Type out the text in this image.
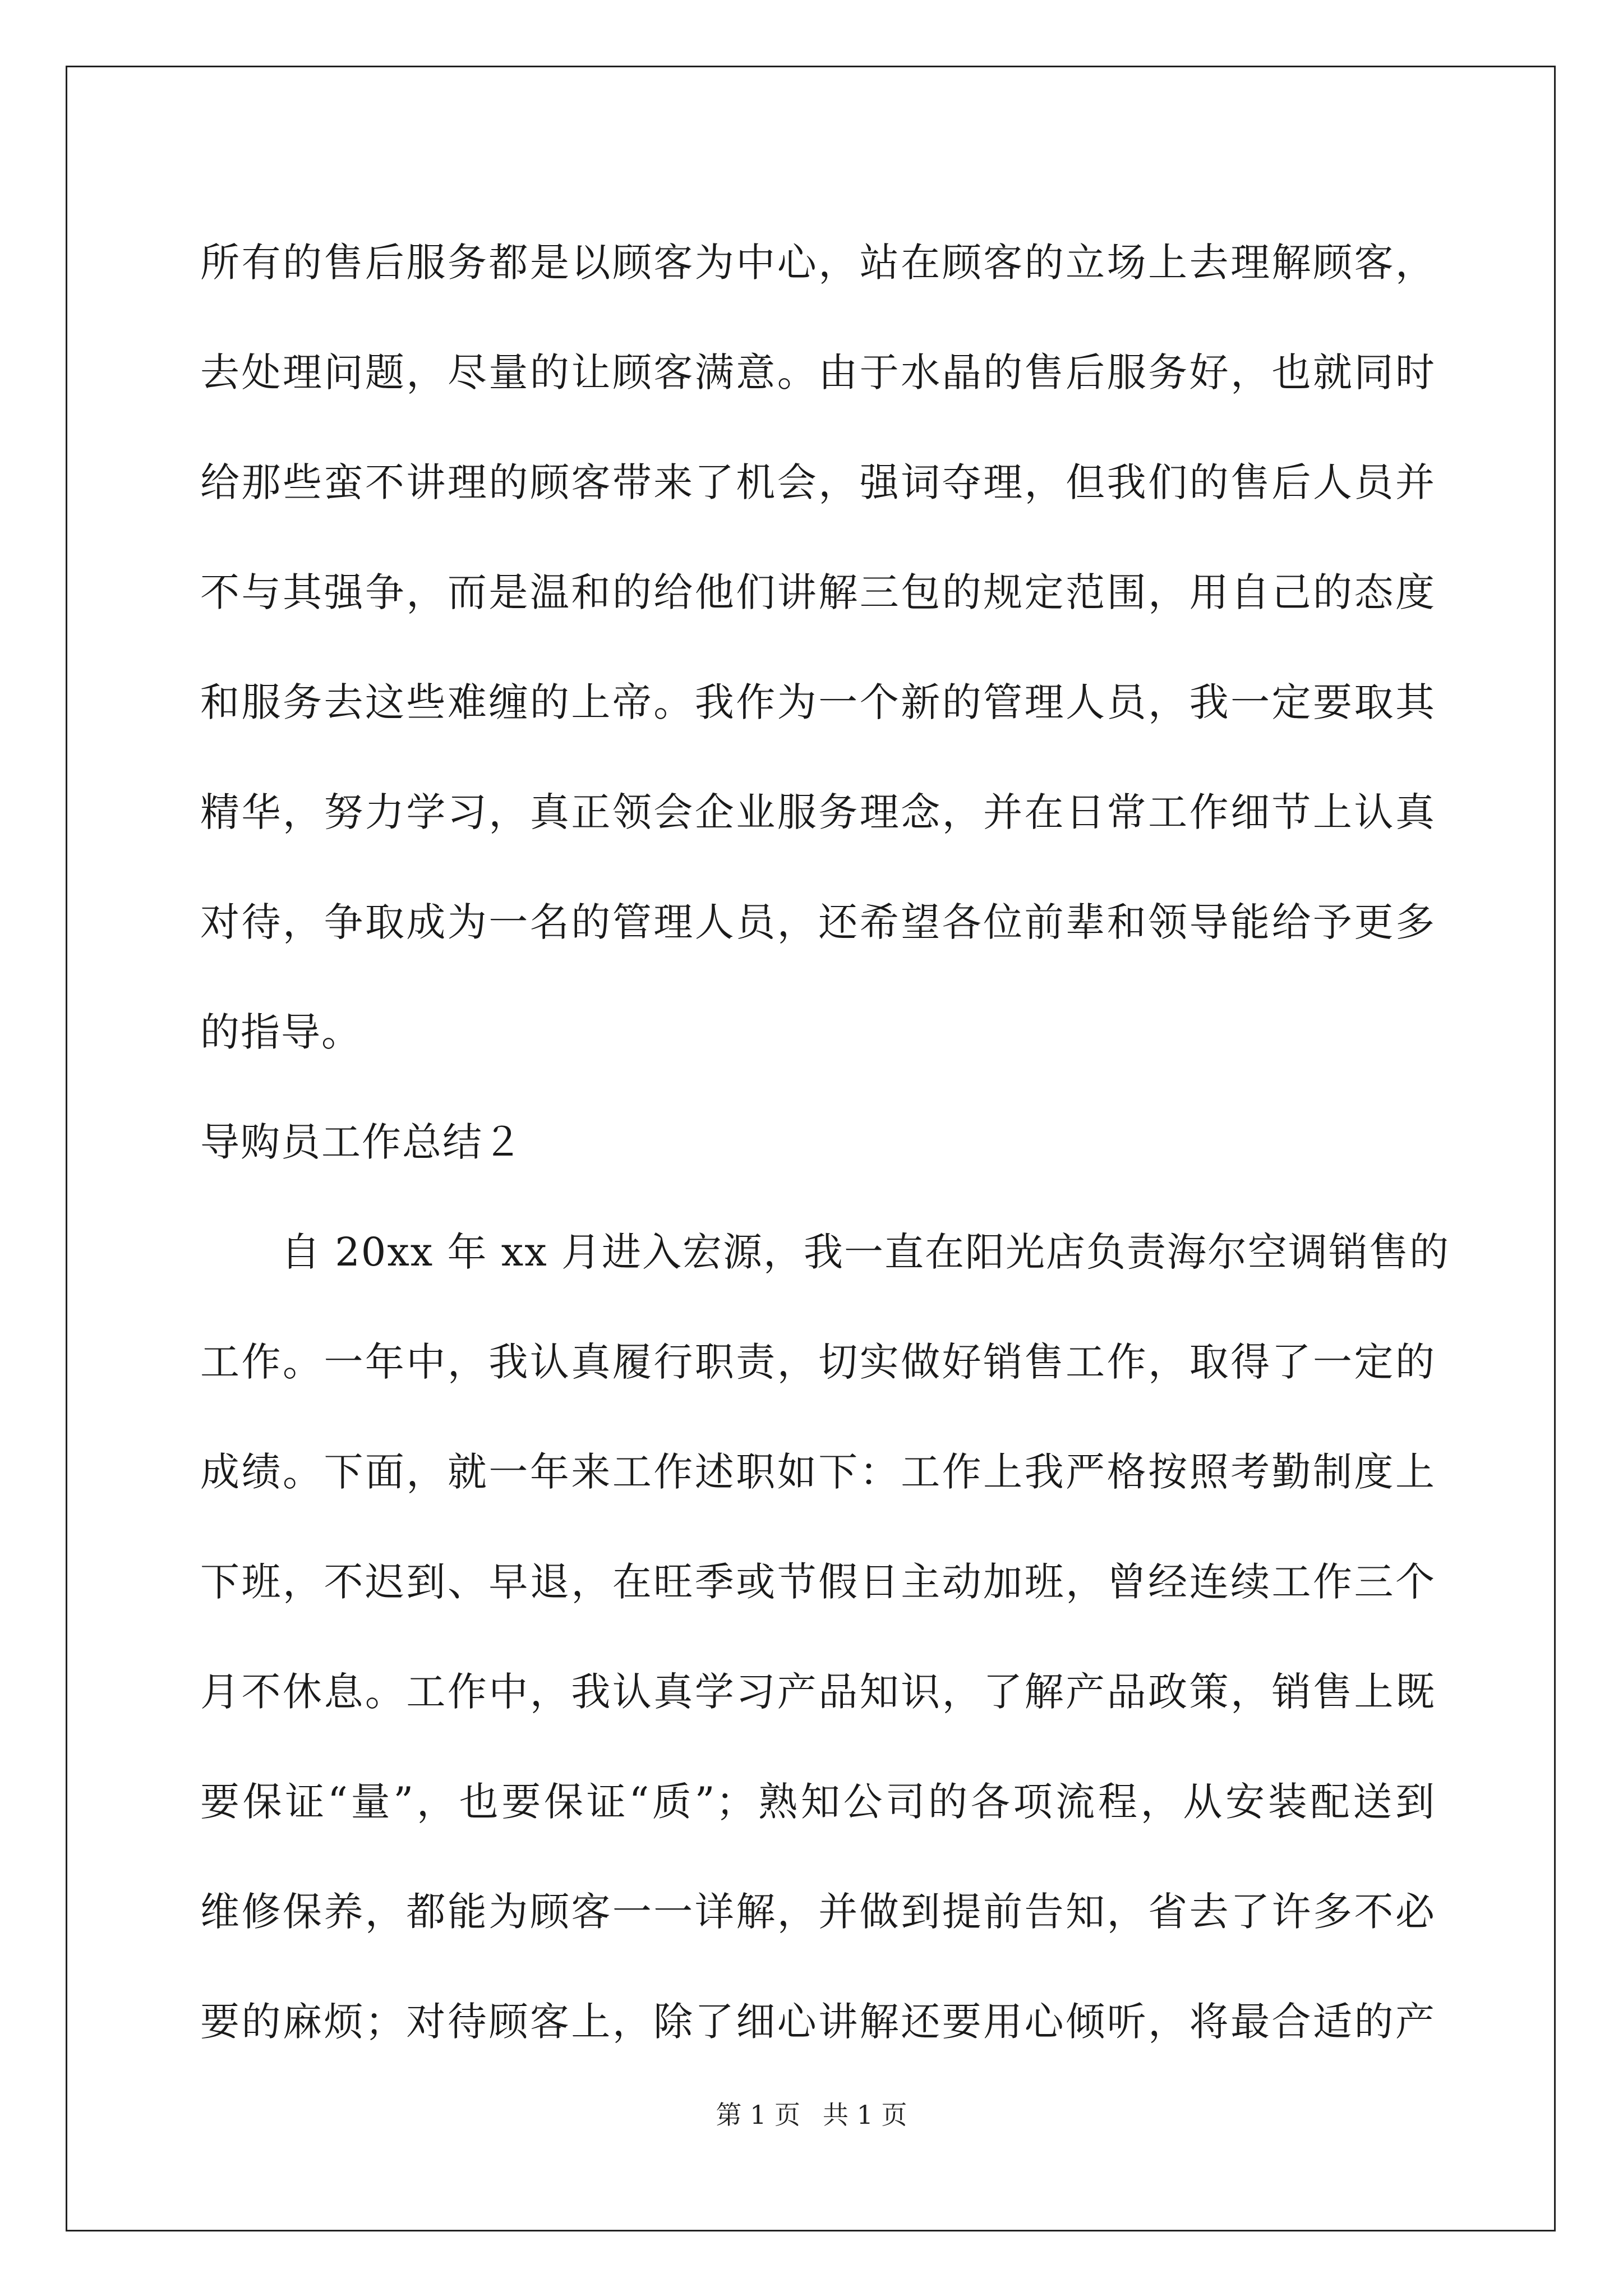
所有的售后服务都是以顾客为中心，站在顾客的立场上去理解顾客，
去处理问题，尽量的让顾客满意。由于水晶的售后服务好，也就同时
给那些蛮不讲理的顾客带来了机会，强词夺理，但我们的售后人员并
不与其强争，而是温和的给他们讲解三包的规定范围，用自己的态度
和服务去这些难缠的上帝。我作为一个新的管理人员，我一定要取其
精华，努力学习，真正领会企业服务理念，并在日常工作细节上认真
对待，争取成为一名的管理人员，还希望各位前辈和领导能给予更多
的指导。
导购员工作总结２
自 20xx 年 xx 月进入宏源，我一直在阳光店负责海尔空调销售的
工作。一年中，我认真履行职责，切实做好销售工作，取得了一定的
成绩。下面，就一年来工作述职如下：工作上我严格按照考勤制度上
下班，不迟到、早退，在旺季或节假日主动加班，曾经连续工作三个
月不休息。工作中，我认真学习产品知识，了解产品政策，销售上既
要保证“量”，也要保证“质”；熟知公司的各项流程，从安装配送到
维修保养，都能为顾客一一详解，并做到提前告知，省去了许多不必
要的麻烦；对待顾客上，除了细心讲解还要用心倾听，将最合适的产
第 1 页 共 1 页
